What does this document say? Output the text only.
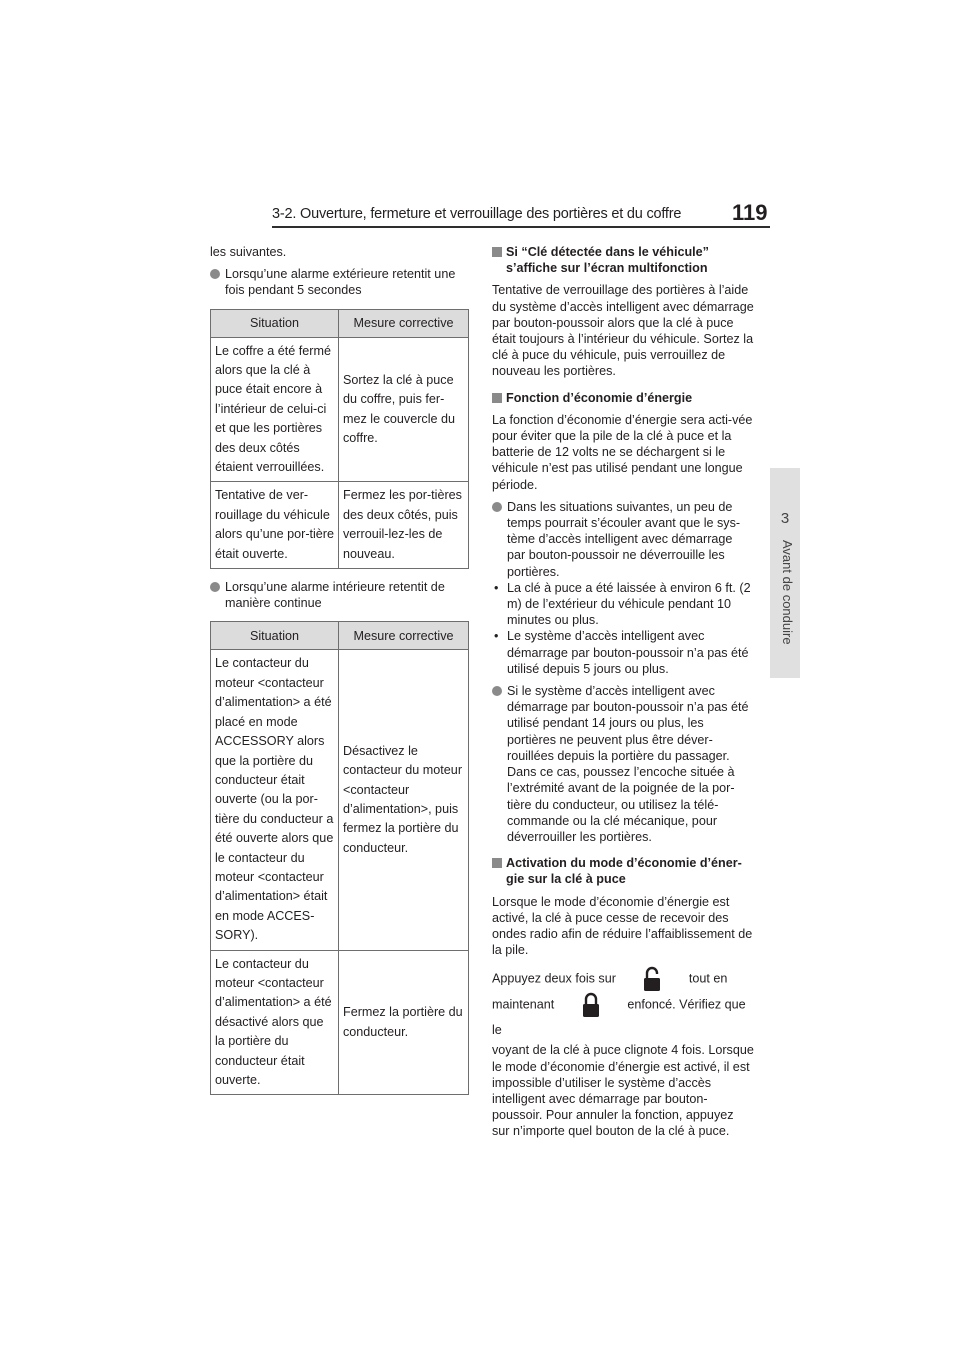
3-2. Ouverture, fermeture et verrouillage des portières et du coffre 119
3
Avant de conduire

les suivantes.

Lorsqu’une alarme extérieure retentit une fois pendant 5 secondes

Situation	Mesure corrective
Le coffre a été fermé alors que la clé à puce était encore à l’intérieur de celui-ci et que les portières des deux côtés étaient verrouillées.	Sortez la clé à puce du coffre, puis fer-mez le couvercle du coffre.
Tentative de ver-rouillage du véhicule alors qu’une por-tière était ouverte.	Fermez les por-tières des deux côtés, puis verrouil-lez-les de nouveau.

Lorsqu’une alarme intérieure retentit de manière continue

Situation	Mesure corrective
Le contacteur du moteur <contacteur d’alimentation> a été placé en mode ACCESSORY alors que la portière du conducteur était ouverte (ou la por-tière du conducteur a été ouverte alors que le contacteur du moteur <contacteur d’alimentation> était en mode ACCES-SORY).	Désactivez le contacteur du moteur <contacteur d’alimentation>, puis fermez la portière du conducteur.
Le contacteur du moteur <contacteur d’alimentation> a été désactivé alors que la portière du conducteur était ouverte.	Fermez la portière du conducteur.

Si “Clé détectée dans le véhicule” s’affiche sur l’écran multifonction

Tentative de verrouillage des portières à l’aide du système d’accès intelligent avec démarrage par bouton-poussoir alors que la clé à puce était toujours à l’intérieur du véhicule. Sortez la clé à puce du véhicule, puis verrouillez de nouveau les portières.

Fonction d’économie d’énergie

La fonction d’économie d’énergie sera acti-vée pour éviter que la pile de la clé à puce et la batterie de 12 volts ne se déchargent si le véhicule n’est pas utilisé pendant une longue période.

Dans les situations suivantes, un peu de temps pourrait s’écouler avant que le sys-tème d’accès intelligent avec démarrage par bouton-poussoir ne déverrouille les portières.

• La clé à puce a été laissée à environ 6 ft. (2 m) de l’extérieur du véhicule pendant 10 minutes ou plus.

• Le système d’accès intelligent avec démarrage par bouton-poussoir n’a pas été utilisé depuis 5 jours ou plus.

Si le système d’accès intelligent avec démarrage par bouton-poussoir n’a pas été utilisé pendant 14 jours ou plus, les portières ne peuvent plus être déver-rouillées depuis la portière du passager. Dans ce cas, poussez l’encoche située à l’extrémité avant de la poignée de la por-tière du conducteur, ou utilisez la télé-commande ou la clé mécanique, pour déverrouiller les portières.

Activation du mode d’économie d’éner-gie sur la clé à puce

Lorsque le mode d’économie d’énergie est activé, la clé à puce cesse de recevoir des ondes radio afin de réduire l’affaiblissement de la pile.

Appuyez deux fois sur	tout en

maintenant	enfoncé. Vérifiez que le

voyant de la clé à puce clignote 4 fois. Lorsque le mode d’économie d’énergie est activé, il est impossible d’utiliser le système d’accès intelligent avec démarrage par bouton-poussoir. Pour annuler la fonction, appuyez sur n’importe quel bouton de la clé à puce.
